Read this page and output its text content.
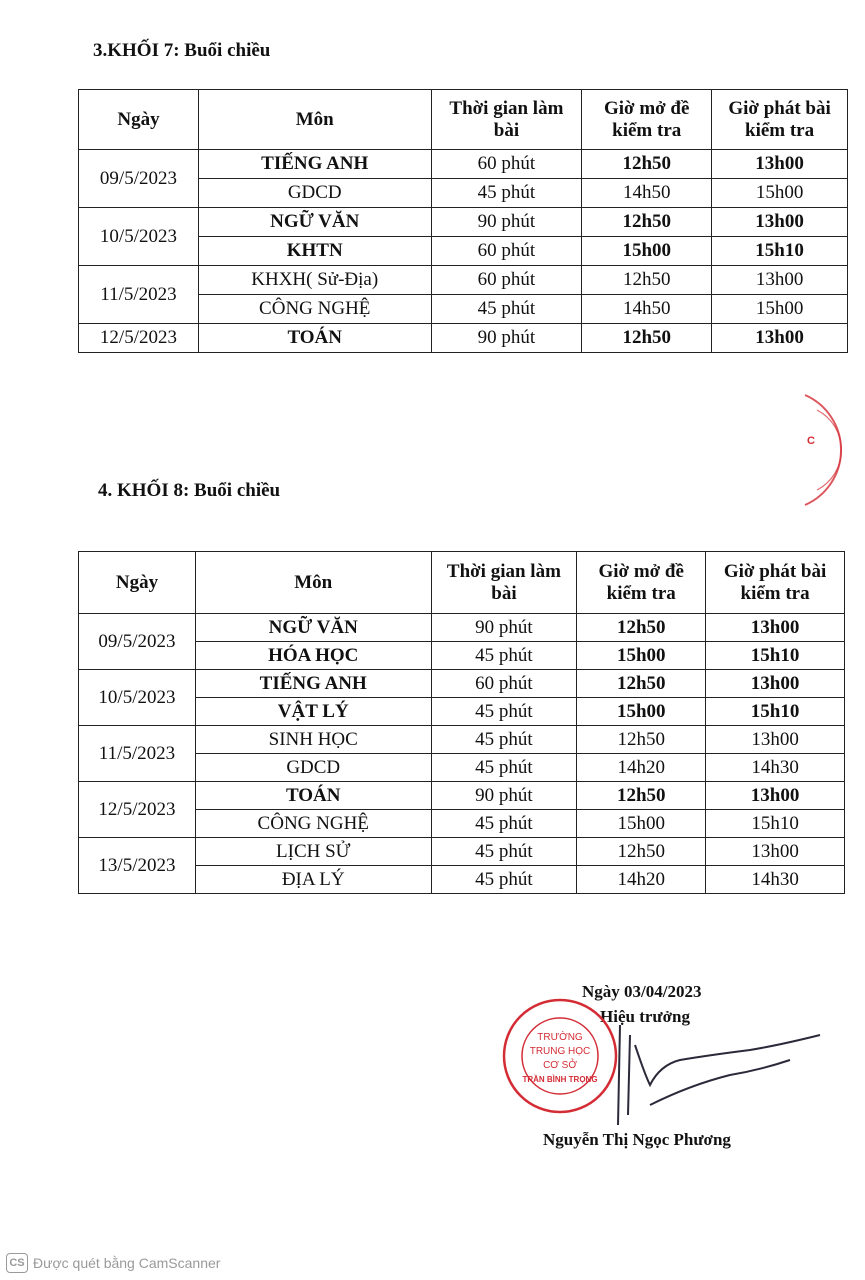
3.KHỐI 7: Buổi chiều
Ngày	Môn	Thời gian làm bài	Giờ mở đề kiểm tra	Giờ phát bài kiểm tra
09/5/2023	TIẾNG ANH	60 phút	12h50	13h00
	GDCD	45 phút	14h50	15h00
10/5/2023	NGỮ VĂN	90 phút	12h50	13h00
	KHTN	60 phút	15h00	15h10
11/5/2023	KHXH( Sử-Địa)	60 phút	12h50	13h00
	CÔNG NGHỆ	45 phút	14h50	15h00
12/5/2023	TOÁN	90 phút	12h50	13h00
C
4. KHỐI 8: Buổi chiều
Ngày	Môn	Thời gian làm bài	Giờ mở đề kiểm tra	Giờ phát bài kiểm tra
09/5/2023	NGỮ VĂN	90 phút	12h50	13h00
	HÓA HỌC	45 phút	15h00	15h10
10/5/2023	TIẾNG ANH	60 phút	12h50	13h00
	VẬT LÝ	45 phút	15h00	15h10
11/5/2023	SINH HỌC	45 phút	12h50	13h00
	GDCD	45 phút	14h20	14h30
12/5/2023	TOÁN	90 phút	12h50	13h00
	CÔNG NGHỆ	45 phút	15h00	15h10
13/5/2023	LỊCH SỬ	45 phút	12h50	13h00
	ĐỊA LÝ	45 phút	14h20	14h30
Ngày 03/04/2023
Hiệu trưởng
TRƯỜNG
TRUNG HỌC
CƠ SỞ
TRẦN BÌNH TRỌNG
Nguyễn Thị Ngọc Phương
CS Được quét bằng CamScanner
